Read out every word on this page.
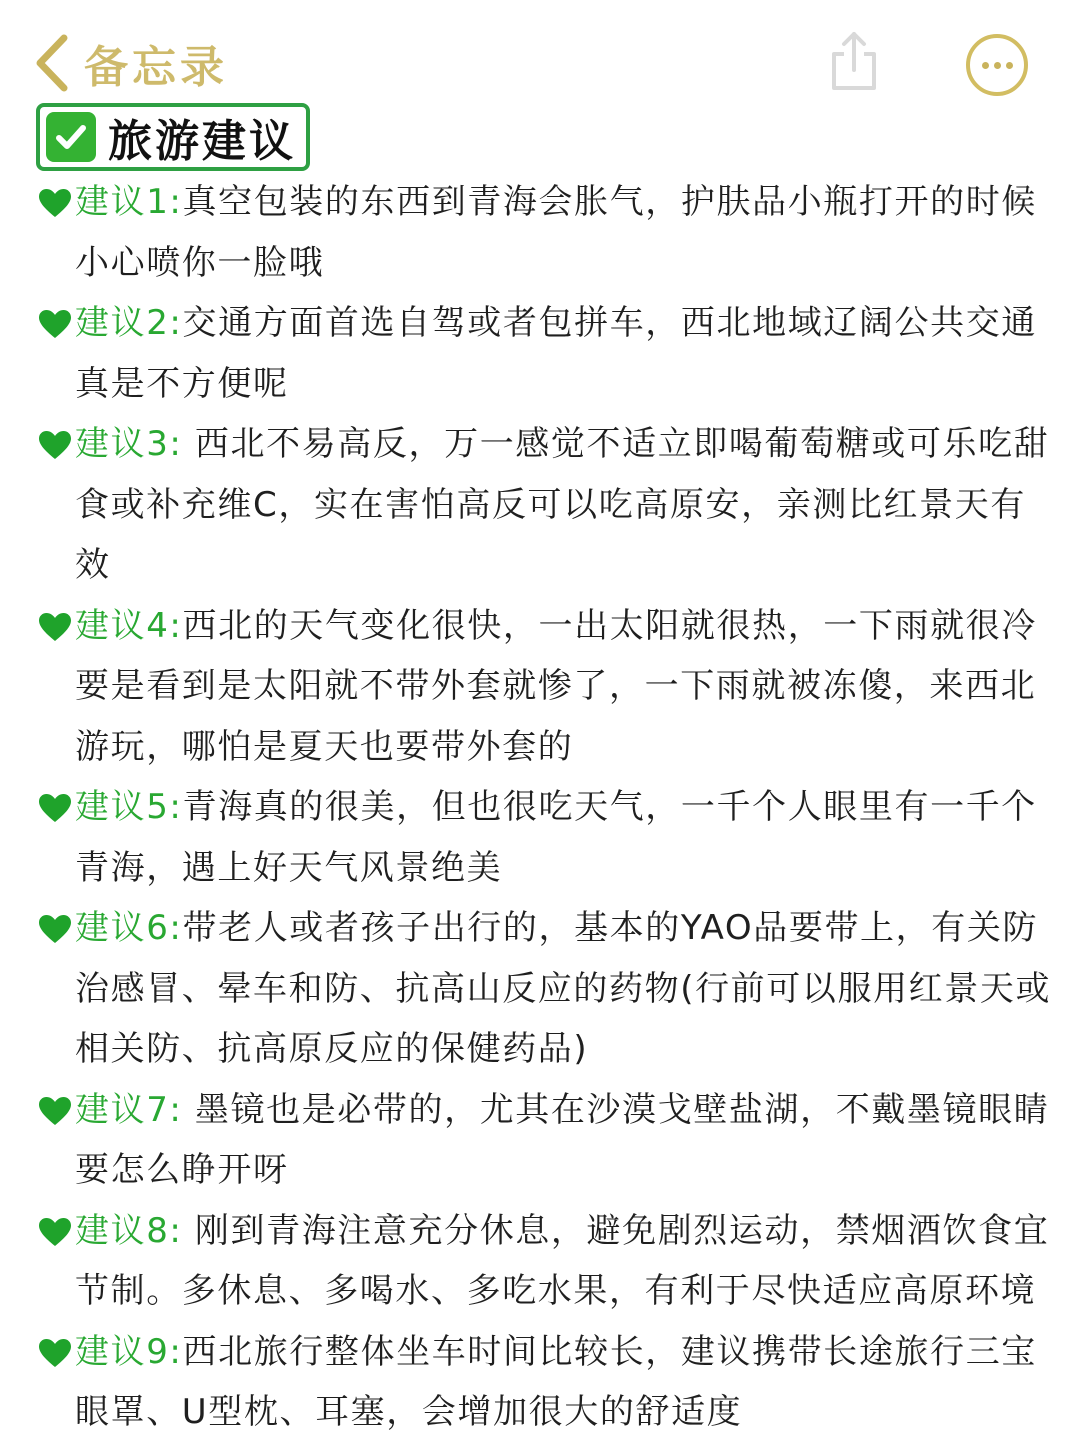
备忘录
旅游建议

建议1:真空包装的东西到青海会胀气，护肤品小瓶打开的时候小心喷你一脸哦

建议2:交通方面首选自驾或者包拼车，西北地域辽阔公共交通真是不方便呢

建议3: 西北不易高反，万一感觉不适立即喝葡萄糖或可乐吃甜食或补充维C，实在害怕高反可以吃高原安，亲测比红景天有效

建议4:西北的天气变化很快，一出太阳就很热，一下雨就很冷要是看到是太阳就不带外套就惨了，一下雨就被冻傻，来西北游玩，哪怕是夏天也要带外套的

建议5:青海真的很美，但也很吃天气，一千个人眼里有一千个青海，遇上好天气风景绝美

建议6:带老人或者孩子出行的，基本的YAO品要带上，有关防治感冒、晕车和防、抗高山反应的药物(行前可以服用红景天或相关防、抗高原反应的保健药品)

建议7: 墨镜也是必带的，尤其在沙漠戈壁盐湖，不戴墨镜眼睛要怎么睁开呀

建议8: 刚到青海注意充分休息，避免剧烈运动，禁烟酒饮食宜节制。多休息、多喝水、多吃水果，有利于尽快适应高原环境

建议9:西北旅行整体坐车时间比较长，建议携带长途旅行三宝眼罩、U型枕、耳塞，会增加很大的舒适度
